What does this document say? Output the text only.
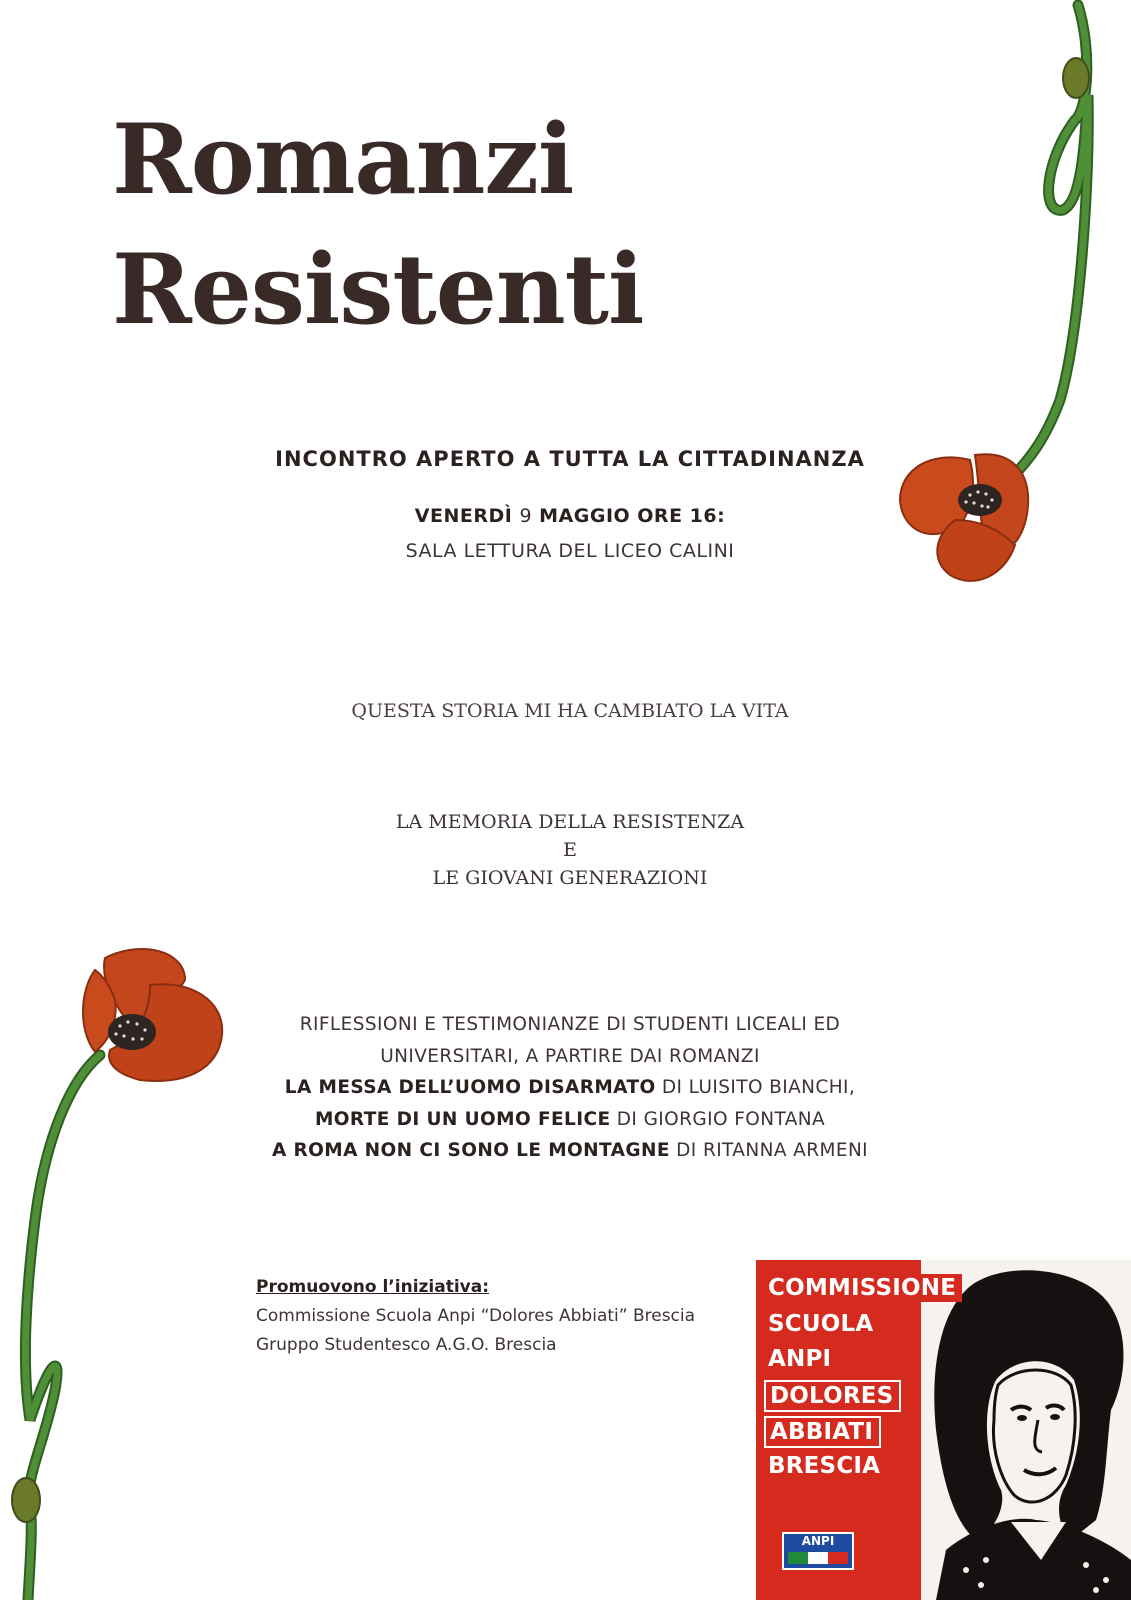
Romanzi
Resistenti
INCONTRO APERTO A TUTTA LA CITTADINANZA
VENERDÌ 9 MAGGIO ORE 16:
SALA LETTURA DEL LICEO CALINI
QUESTA STORIA MI HA CAMBIATO LA VITA
LA MEMORIA DELLA RESISTENZA
E
LE GIOVANI GENERAZIONI
RIFLESSIONI E TESTIMONIANZE DI STUDENTI LICEALI ED
UNIVERSITARI, A PARTIRE DAI ROMANZI
LA MESSA DELL’UOMO DISARMATO DI LUISITO BIANCHI,
MORTE DI UN UOMO FELICE DI GIORGIO FONTANA
A ROMA NON CI SONO LE MONTAGNE DI RITANNA ARMENI
Promuovono l’iniziativa:
Commissione Scuola Anpi “Dolores Abbiati” Brescia
Gruppo Studentesco A.G.O. Brescia
COMMISSIONE
SCUOLA
ANPI
DOLORES
ABBIATI
BRESCIA
ANPI
